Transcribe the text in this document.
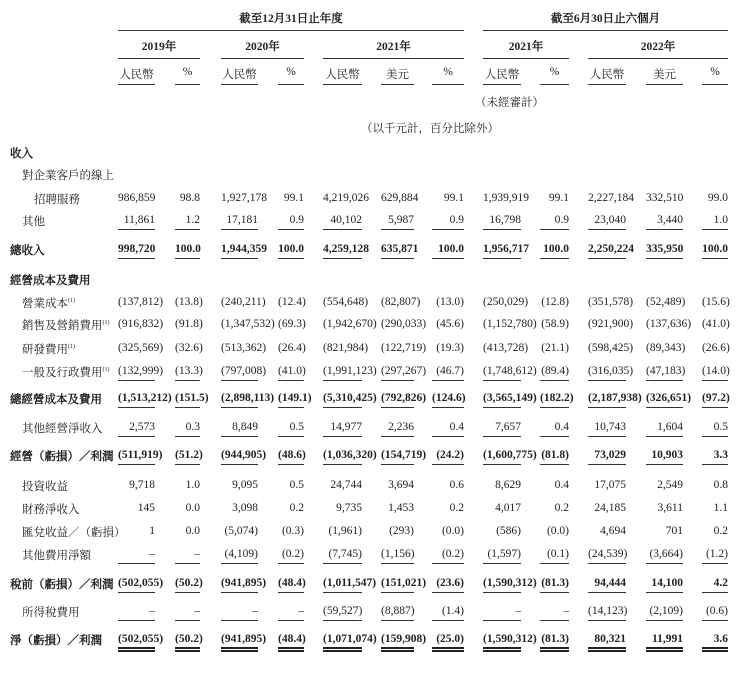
截至12月31日止年度	截至6月30日止六個月
2019年	2020年	2021年	2021年	2022年
人民幣	%	人民幣	%	人民幣	美元	%	人民幣	%	人民幣	美元	%
（未經審計）
（以千元計，百分比除外）
收入
對企業客戶的線上
招聘服務	986,859	98.8 1,927,178	99.1 4,219,026 629,884	99.1 1,939,919	99.1 2,227,184 332,510	99.0
其他	11,861	1.2	17,181	0.9	40,102	5,987	0.9	16,798	0.9	23,040	3,440	1.0
總收入	998,720 100.0 1,944,359 100.0 4,259,128 635,871	100.0 1,956,717 100.0 2,250,224 335,950 100.0
經營成本及費用
營業成本$^{(1)}$	(137,812) (13.8) (240,211) (12.4) (554,648) (82,807)	(13.0) (250,029) (12.8) (351,578) (52,489) (15.6)
銷售及營銷費用$^{(1)}$ (916,832) (91.8) (1,347,532) (69.3) (1,942,670) (290,033) (45.6) (1,152,780) (58.9) (921,900) (137,636) (41.0)
研發費用$^{(1)}$	(325,569) (32.6) (513,362) (26.4) (821,984) (122,719) (19.3) (413,728) (21.1) (598,425) (89,343) (26.6)
一般及行政費用$^{(1)}$ (132,999) (13.3) (797,008) (41.0) (1,991,123) (297,267) (46.7) (1,748,612) (89.4) (316,035) (47,183) (14.0)
總經營成本及費用 (1,513,212) (151.5) (2,898,113) (149.1) (5,310,425) (792,826) (124.6) (3,565,149) (182.2) (2,187,938) (326,651) (97.2)
其他經營淨收入	2,573	0.3	8,849	0.5	14,977	2,236	0.4	7,657	0.4	10,743	1,604	0.5
經營（虧損）／利潤 (511,919) (51.2) (944,905) (48.6) (1,036,320) (154,719) (24.2) (1,600,775) (81.8)	73,029	10,903	3.3
投資收益	9,718	1.0	9,095	0.5	24,744	3,694	0.6	8,629	0.4	17,075	2,549	0.8
財務淨收入	145	0.0	3,098	0.2	9,735	1,453	0.2	4,017	0.2	24,185	3,611	1.1
匯兌收益／（虧損）	1	0.0	(5,074)	(0.3)	(1,961)	(293)	(0.0)	(586)	(0.0)	4,694	701	0.2
其他費用淨額	–	–	(4,109)	(0.2)	(7,745) (1,156)	(0.2)	(1,597)	(0.1) (24,539)	(3,664)	(1.2)
稅前（虧損）／利潤 (502,055) (50.2) (941,895) (48.4) (1,011,547) (151,021) (23.6) (1,590,312) (81.3)	94,444	14,100	4.2
所得稅費用	–	–	–	– (59,527) (8,887)	(1.4)	–	– (14,123)	(2,109)	(0.6)
淨（虧損）／利潤 (502,055) (50.2) (941,895) (48.4) (1,071,074) (159,908) (25.0) (1,590,312) (81.3)	80,321	11,991	3.6
